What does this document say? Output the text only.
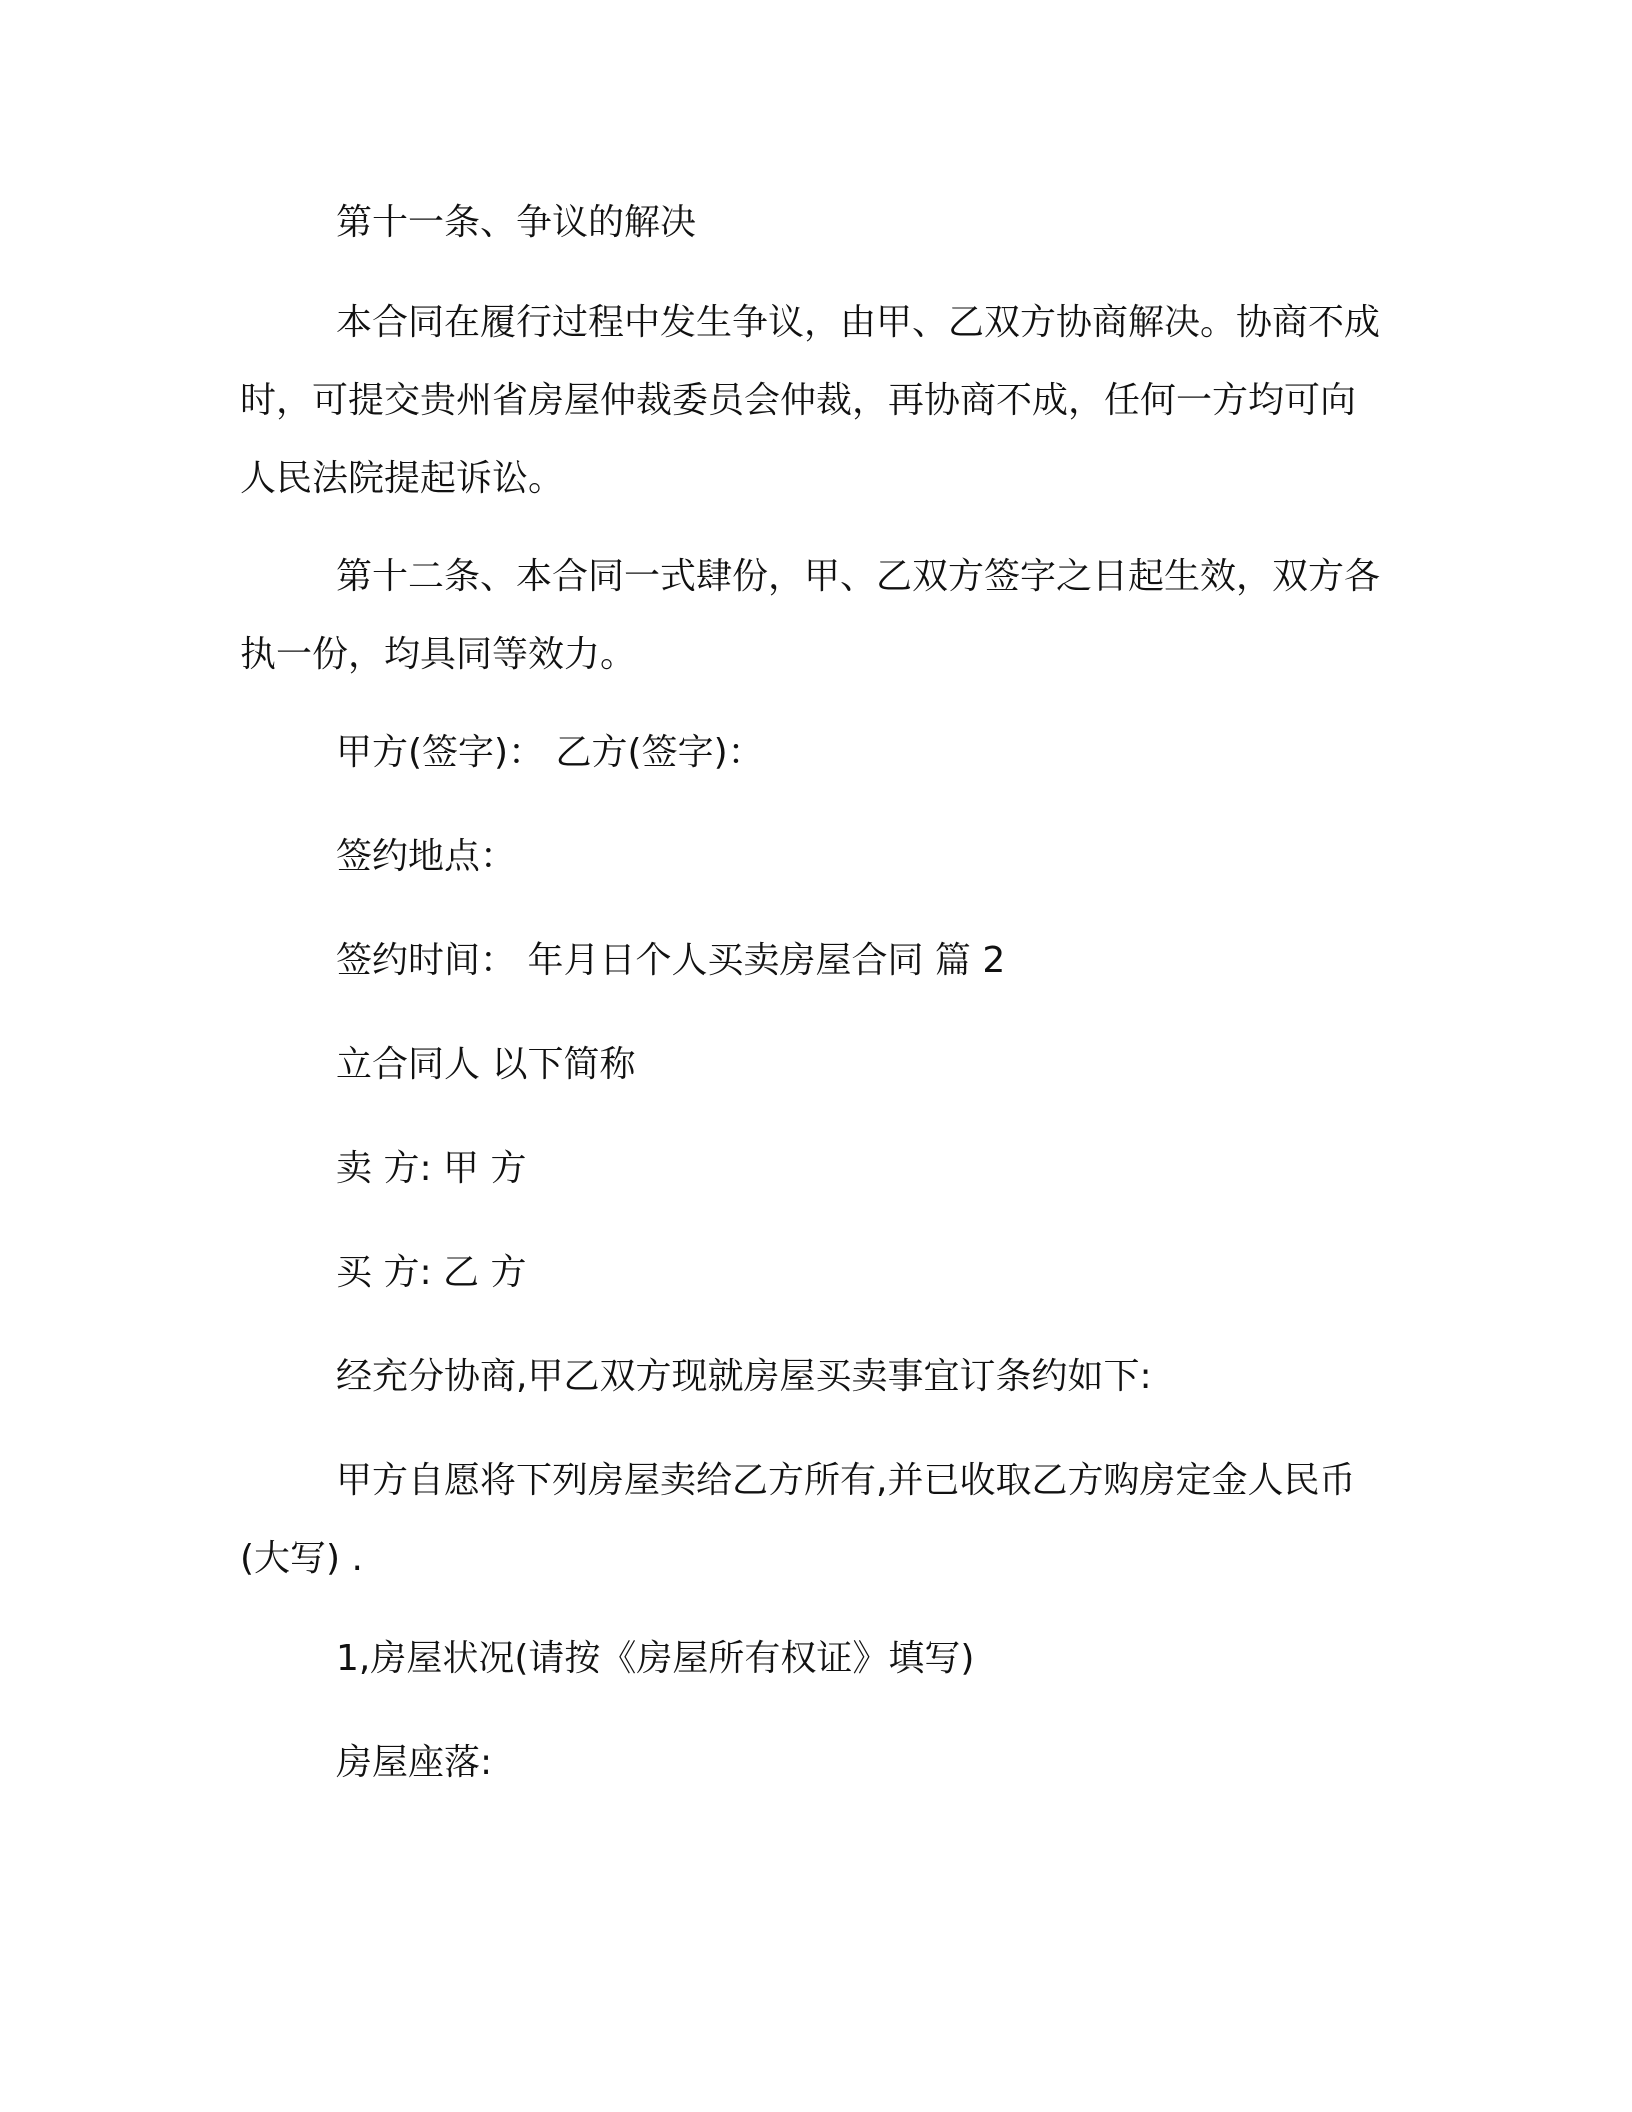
第十一条、争议的解决

本合同在履行过程中发生争议，由甲、乙双方协商解决。协商不成时，可提交贵州省房屋仲裁委员会仲裁，再协商不成，任何一方均可向人民法院提起诉讼。

第十二条、本合同一式肆份，甲、乙双方签字之日起生效，双方各执一份，均具同等效力。

甲方(签字)： 乙方(签字)：

签约地点：

签约时间： 年月日个人买卖房屋合同 篇 2

立合同人 以下简称

卖 方: 甲 方

买 方: 乙 方

经充分协商,甲乙双方现就房屋买卖事宜订条约如下:

甲方自愿将下列房屋卖给乙方所有,并已收取乙方购房定金人民币(大写) .

1,房屋状况(请按《房屋所有权证》填写)

房屋座落:
